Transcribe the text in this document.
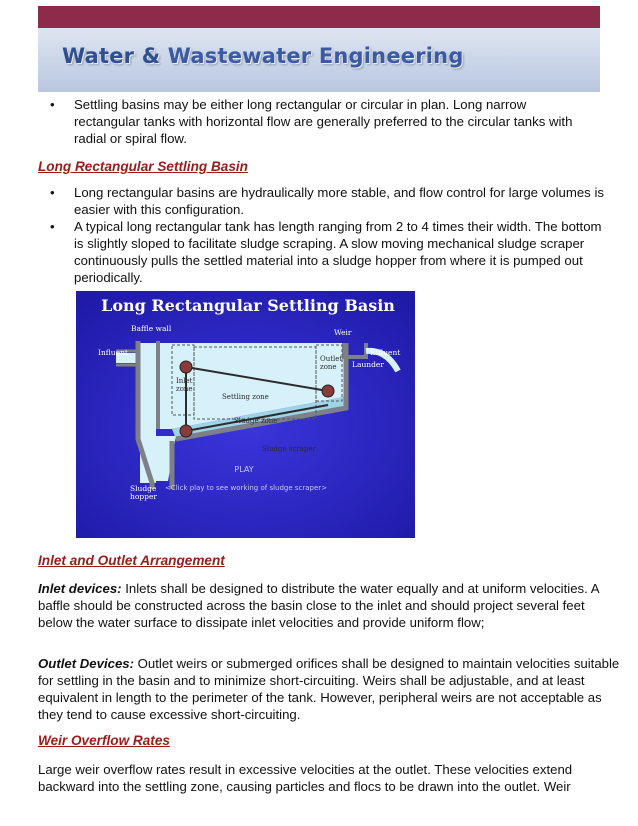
Water & Wastewater Engineering
• Settling basins may be either long rectangular or circular in plan. Long narrow rectangular tanks with horizontal flow are generally preferred to the circular tanks with radial or spiral flow.
Long Rectangular Settling Basin
• Long rectangular basins are hydraulically more stable, and flow control for large volumes is easier with this configuration.
• A typical long rectangular tank has length ranging from 2 to 4 times their width. The bottom is slightly sloped to facilitate sludge scraping. A slow moving mechanical sludge scraper continuously pulls the settled material into a sludge hopper from where it is pumped out periodically.
Long Rectangular Settling Basin
Baffle wall
Influent
Weir
Effluent
Launder
Sludge
hopper
Outlet
zone
Inlet
zone
Settling zone
Sludge zone
Sludge scraper
PLAY
<Click play to see working of sludge scraper>
Inlet and Outlet Arrangement
Inlet devices: Inlets shall be designed to distribute the water equally and at uniform velocities. A baffle should be constructed across the basin close to the inlet and should project several feet below the water surface to dissipate inlet velocities and provide uniform flow;
Outlet Devices: Outlet weirs or submerged orifices shall be designed to maintain velocities suitable for settling in the basin and to minimize short-circuiting. Weirs shall be adjustable, and at least equivalent in length to the perimeter of the tank. However, peripheral weirs are not acceptable as they tend to cause excessive short-circuiting.
Weir Overflow Rates
Large weir overflow rates result in excessive velocities at the outlet. These velocities extend backward into the settling zone, causing particles and flocs to be drawn into the outlet. Weir
